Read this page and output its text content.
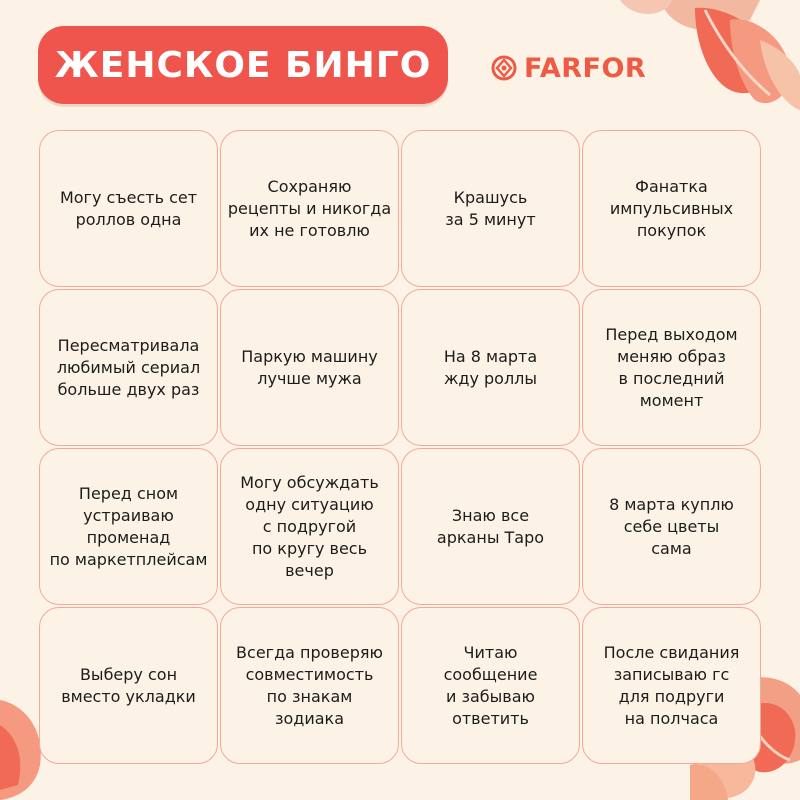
ЖЕНСКОЕ БИНГО	FARFOR
Могу съесть сет
роллов одна
Сохраняю
рецепты и никогда
их не готовлю
Крашусь
за 5 минут
Фанатка
импульсивных
покупок
Пересматривала
любимый сериал
больше двух раз
Паркую машину
лучше мужа
На 8 марта
жду роллы
Перед выходом
меняю образ
в последний
момент
Перед сном
устраиваю
променад
по маркетплейсам
Могу обсуждать
одну ситуацию
с подругой
по кругу весь
вечер
Знаю все
арканы Таро
8 марта куплю
себе цветы
сама
Выберу сон
вместо укладки
Всегда проверяю
совместимость
по знакам
зодиака
Читаю
сообщение
и забываю
ответить
После свидания
записываю гс
для подруги
на полчаса
